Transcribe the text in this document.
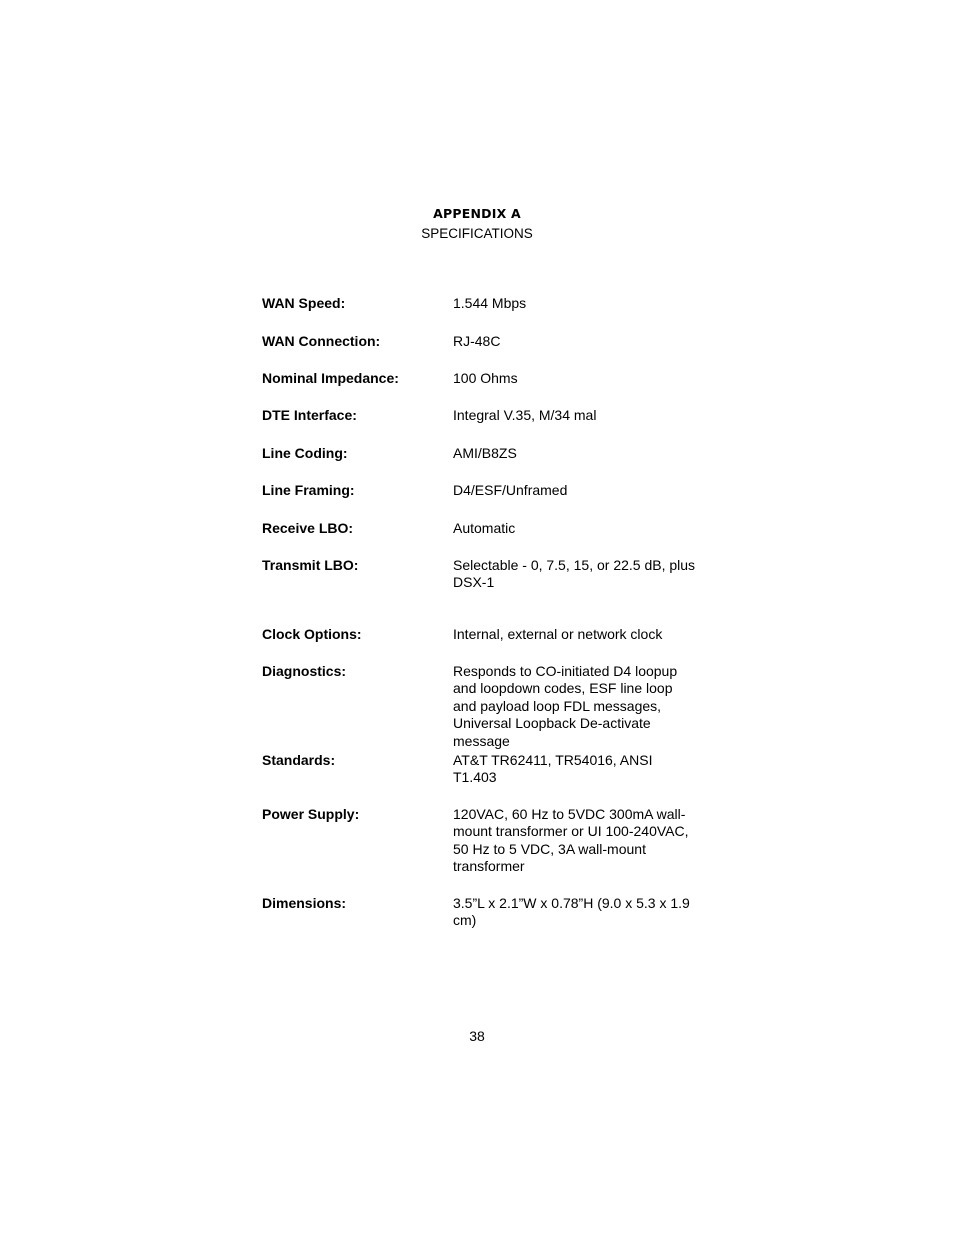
APPENDIX A
SPECIFICATIONS
WAN Speed:	1.544 Mbps
WAN Connection:	RJ-48C
Nominal Impedance:	100 Ohms
DTE Interface:	Integral V.35, M/34 mal
Line Coding:	AMI/B8ZS
Line Framing:	D4/ESF/Unframed
Receive LBO:	Automatic
Transmit LBO:	Selectable - 0, 7.5, 15, or 22.5 dB, plus DSX-1
Clock Options:	Internal, external or network clock
Diagnostics:	Responds to CO-initiated D4 loopup and loopdown codes, ESF line loop and payload loop FDL messages, Universal Loopback De-activate message
Standards:	AT&T TR62411, TR54016, ANSI T1.403
Power Supply:	120VAC, 60 Hz to 5VDC 300mA wall-mount transformer or UI 100-240VAC, 50 Hz to 5 VDC, 3A wall-mount transformer
Dimensions:	3.5”L x 2.1”W x 0.78”H (9.0 x 5.3 x 1.9 cm)
38
